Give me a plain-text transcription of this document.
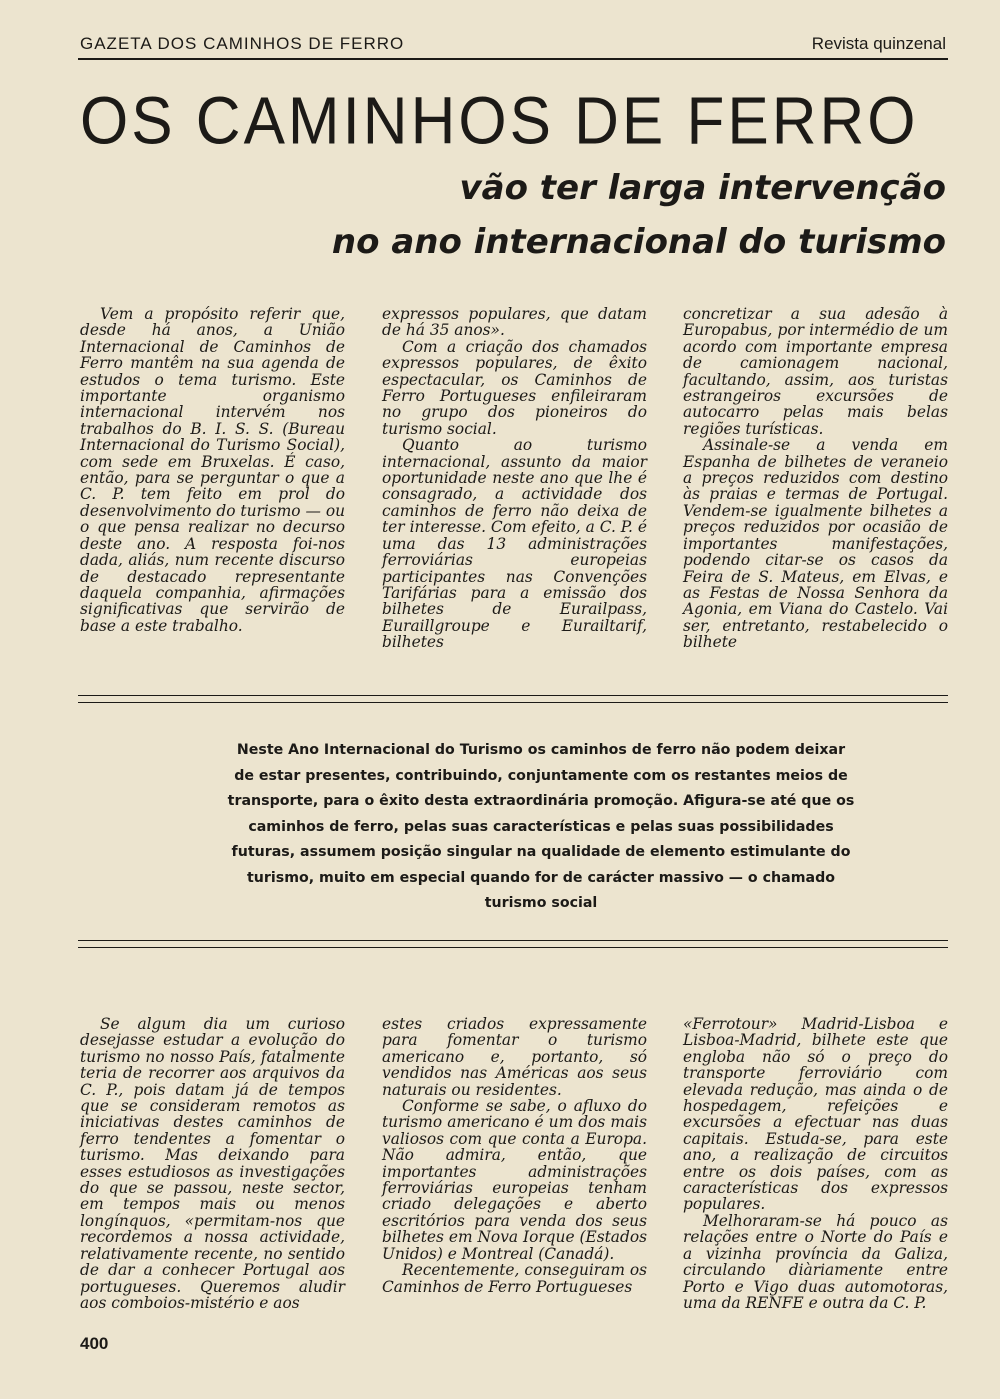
GAZETA DOS CAMINHOS DE FERRO	Revista quinzenal
OS CAMINHOS DE FERRO
vão ter larga intervenção
no ano internacional do turismo

Vem a propósito referir que, desde há anos, a União Internacional de Caminhos de Ferro mantêm na sua agenda de estudos o tema turismo. Este importante organismo internacional intervém nos trabalhos do B. I. S. S. (Bureau Internacional do Turismo Social), com sede em Bruxelas. É caso, então, para se perguntar o que a C. P. tem feito em prol do desenvolvimento do turismo — ou o que pensa realizar no decurso deste ano. A resposta foi-nos dada, aliás, num recente discurso de destacado representante daquela companhia, afirmações significativas que servirão de base a este trabalho.

expressos populares, que datam de há 35 anos».

Com a criação dos chamados expressos populares, de êxito espectacular, os Caminhos de Ferro Portugueses enfileiraram no grupo dos pioneiros do turismo social.

Quanto ao turismo internacional, assunto da maior oportunidade neste ano que lhe é consagrado, a actividade dos caminhos de ferro não deixa de ter interesse. Com efeito, a C. P. é uma das 13 administrações ferroviárias europeias participantes nas Convenções Tarifárias para a emissão dos bilhetes de Eurailpass, Euraillgroupe e Eurailtarif, bilhetes

concretizar a sua adesão à Europabus, por intermédio de um acordo com importante empresa de camionagem nacional, facultando, assim, aos turistas estrangeiros excursões de autocarro pelas mais belas regiões turísticas.

Assinale-se a venda em Espanha de bilhetes de veraneio a preços reduzidos com destino às praias e termas de Portugal. Vendem-se igualmente bilhetes a preços reduzidos por ocasião de importantes manifestações, podendo citar-se os casos da Feira de S. Mateus, em Elvas, e as Festas de Nossa Senhora da Agonia, em Viana do Castelo. Vai ser, entretanto, restabelecido o bilhete

Neste Ano Internacional do Turismo os caminhos de ferro não podem deixar de estar presentes, contribuindo, conjuntamente com os restantes meios de transporte, para o êxito desta extraordinária promoção. Afigura-se até que os caminhos de ferro, pelas suas características e pelas suas possibilidades futuras, assumem posição singular na qualidade de elemento estimulante do turismo, muito em especial quando for de carácter massivo — o chamado turismo social

Se algum dia um curioso desejasse estudar a evolução do turismo no nosso País, fatalmente teria de recorrer aos arquivos da C. P., pois datam já de tempos que se consideram remotos as iniciativas destes caminhos de ferro tendentes a fomentar o turismo. Mas deixando para esses estudiosos as investigações do que se passou, neste sector, em tempos mais ou menos longínquos, «permitam-nos que recordemos a nossa actividade, relativamente recente, no sentido de dar a conhecer Portugal aos portugueses. Queremos aludir aos comboios-mistério e aos

estes criados expressamente para fomentar o turismo americano e, portanto, só vendidos nas Américas aos seus naturais ou residentes.

Conforme se sabe, o afluxo do turismo americano é um dos mais valiosos com que conta a Europa. Não admira, então, que importantes administrações ferroviárias europeias tenham criado delegações e aberto escritórios para venda dos seus bilhetes em Nova Iorque (Estados Unidos) e Montreal (Canadá).

Recentemente, conseguiram os Caminhos de Ferro Portugueses

«Ferrotour» Madrid-Lisboa e Lisboa-Madrid, bilhete este que engloba não só o preço do transporte ferroviário com elevada redução, mas ainda o de hospedagem, refeições e excursões a efectuar nas duas capitais. Estuda-se, para este ano, a realização de circuitos entre os dois países, com as características dos expressos populares.

Melhoraram-se há pouco as relações entre o Norte do País e a vizinha província da Galiza, circulando diàriamente entre Porto e Vigo duas automotoras, uma da RENFE e outra da C. P.

400
